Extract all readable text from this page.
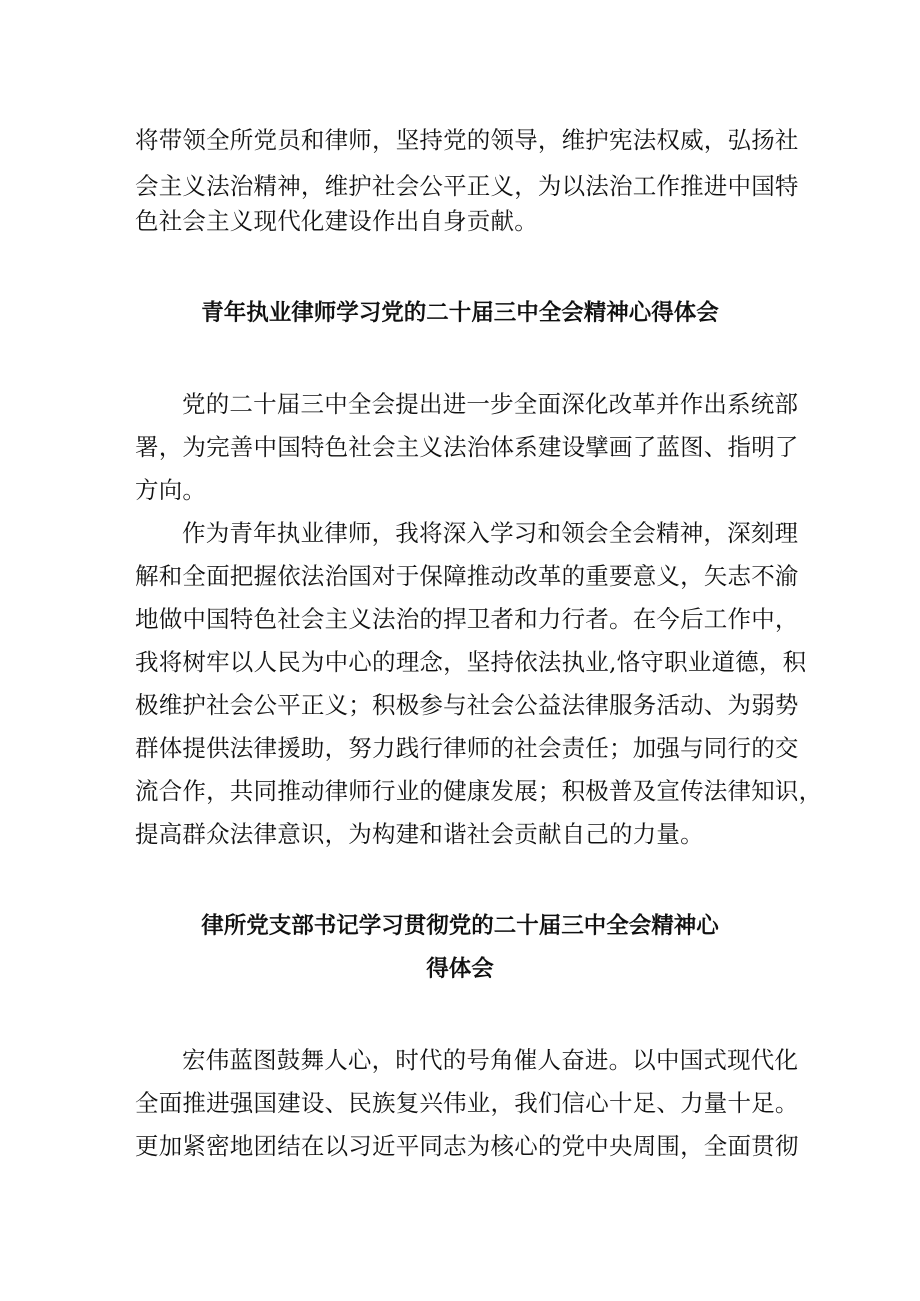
将带领全所党员和律师，坚持党的领导，维护宪法权威，弘扬社
会主义法治精神，维护社会公平正义，为以法治工作推进中国特
色社会主义现代化建设作出自身贡献。
青年执业律师学习党的二十届三中全会精神心得体会
党的二十届三中全会提出进一步全面深化改革并作出系统部
署，为完善中国特色社会主义法治体系建设擘画了蓝图、指明了
方向。
作为青年执业律师，我将深入学习和领会全会精神，深刻理
解和全面把握依法治国对于保障推动改革的重要意义，矢志不渝
地做中国特色社会主义法治的捍卫者和力行者。在今后工作中，
我将树牢以人民为中心的理念，坚持依法执业,恪守职业道德，积
极维护社会公平正义；积极参与社会公益法律服务活动、为弱势
群体提供法律援助，努力践行律师的社会责任；加强与同行的交
流合作，共同推动律师行业的健康发展；积极普及宣传法律知识，
提高群众法律意识，为构建和谐社会贡献自己的力量。
律所党支部书记学习贯彻党的二十届三中全会精神心
得体会
宏伟蓝图鼓舞人心，时代的号角催人奋进。以中国式现代化
全面推进强国建设、民族复兴伟业，我们信心十足、力量十足。
更加紧密地团结在以习近平同志为核心的党中央周围，全面贯彻
